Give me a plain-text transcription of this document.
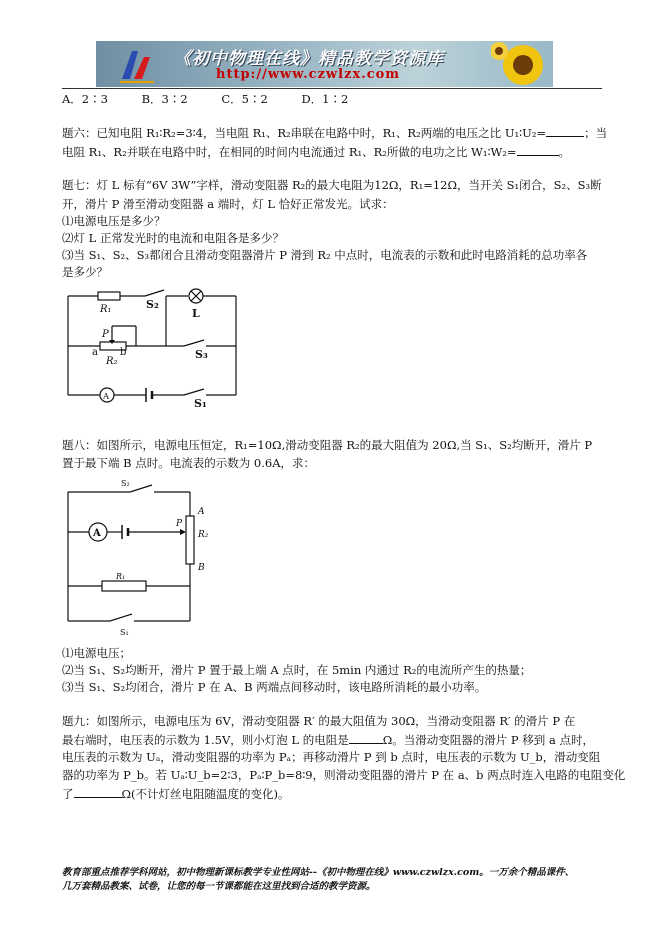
《初中物理在线》精品教学资源库
http://www.czwlzx.com
A．2∶3	B．3∶2	C．5∶2	D．1∶2
题六：已知电阻 R₁∶R₂=3∶4，当电阻 R₁、R₂串联在电路中时，R₁、R₂两端的电压之比 U₁∶U₂=	；当
电阻 R₁、R₂并联在电路中时，在相同的时间内电流通过 R₁、R₂所做的电功之比 W₁∶W₂=	。
题七：灯 L 标有“6V 3W”字样，滑动变阻器 R₂的最大电阻为12Ω，R₁=12Ω，当开关 S₁闭合，S₂、S₃断
开，滑片 P 滑至滑动变阻器 a 端时，灯 L 恰好正常发光。试求：
⑴电源电压是多少？
⑵灯 L 正常发光时的电流和电阻各是多少？
⑶当 S₁、S₂、S₃都闭合且滑动变阻器滑片 P 滑到 R₂ 中点时，电流表的示数和此时电路消耗的总功率各
是多少？
R₁	S₂
L
P
a b
R₂
S₃
A	S₁
题八：如图所示，电源电压恒定，R₁=10Ω,滑动变阻器 R₂的最大阻值为 20Ω,当 S₁、S₂均断开，滑片 P
置于最下端 B 点时。电流表的示数为 0.6A，求：
S₂
A
P
A
R₂
B
R₁
S₁
⑴电源电压；
⑵当 S₁、S₂均断开，滑片 P 置于最上端 A 点时，在 5min 内通过 R₂的电流所产生的热量；
⑶当 S₁、S₂均闭合，滑片 P 在 A、B 两端点间移动时，该电路所消耗的最小功率。
题九：如图所示，电源电压为 6V，滑动变阻器 R′ 的最大阻值为 30Ω，当滑动变阻器 R′ 的滑片 P 在
最右端时，电压表的示数为 1.5V，则小灯泡 L 的电阻是	Ω。当滑动变阻器的滑片 P 移到 a 点时，
电压表的示数为 Uₐ，滑动变阻器的功率为 Pₐ；再移动滑片 P 到 b 点时，电压表的示数为 U_b，滑动变阻
器的功率为 P_b。若 Uₐ∶U_b=2∶3，Pₐ∶P_b=8∶9，则滑动变阻器的滑片 P 在 a、b 两点时连入电路的电阻变化
了	Ω(不计灯丝电阻随温度的变化)。
教育部重点推荐学科网站，初中物理新课标教学专业性网站--《初中物理在线》www.czwlzx.com。一万余个精品课件、
几万套精品教案、试卷，让您的每一节课都能在这里找到合适的教学资源。
